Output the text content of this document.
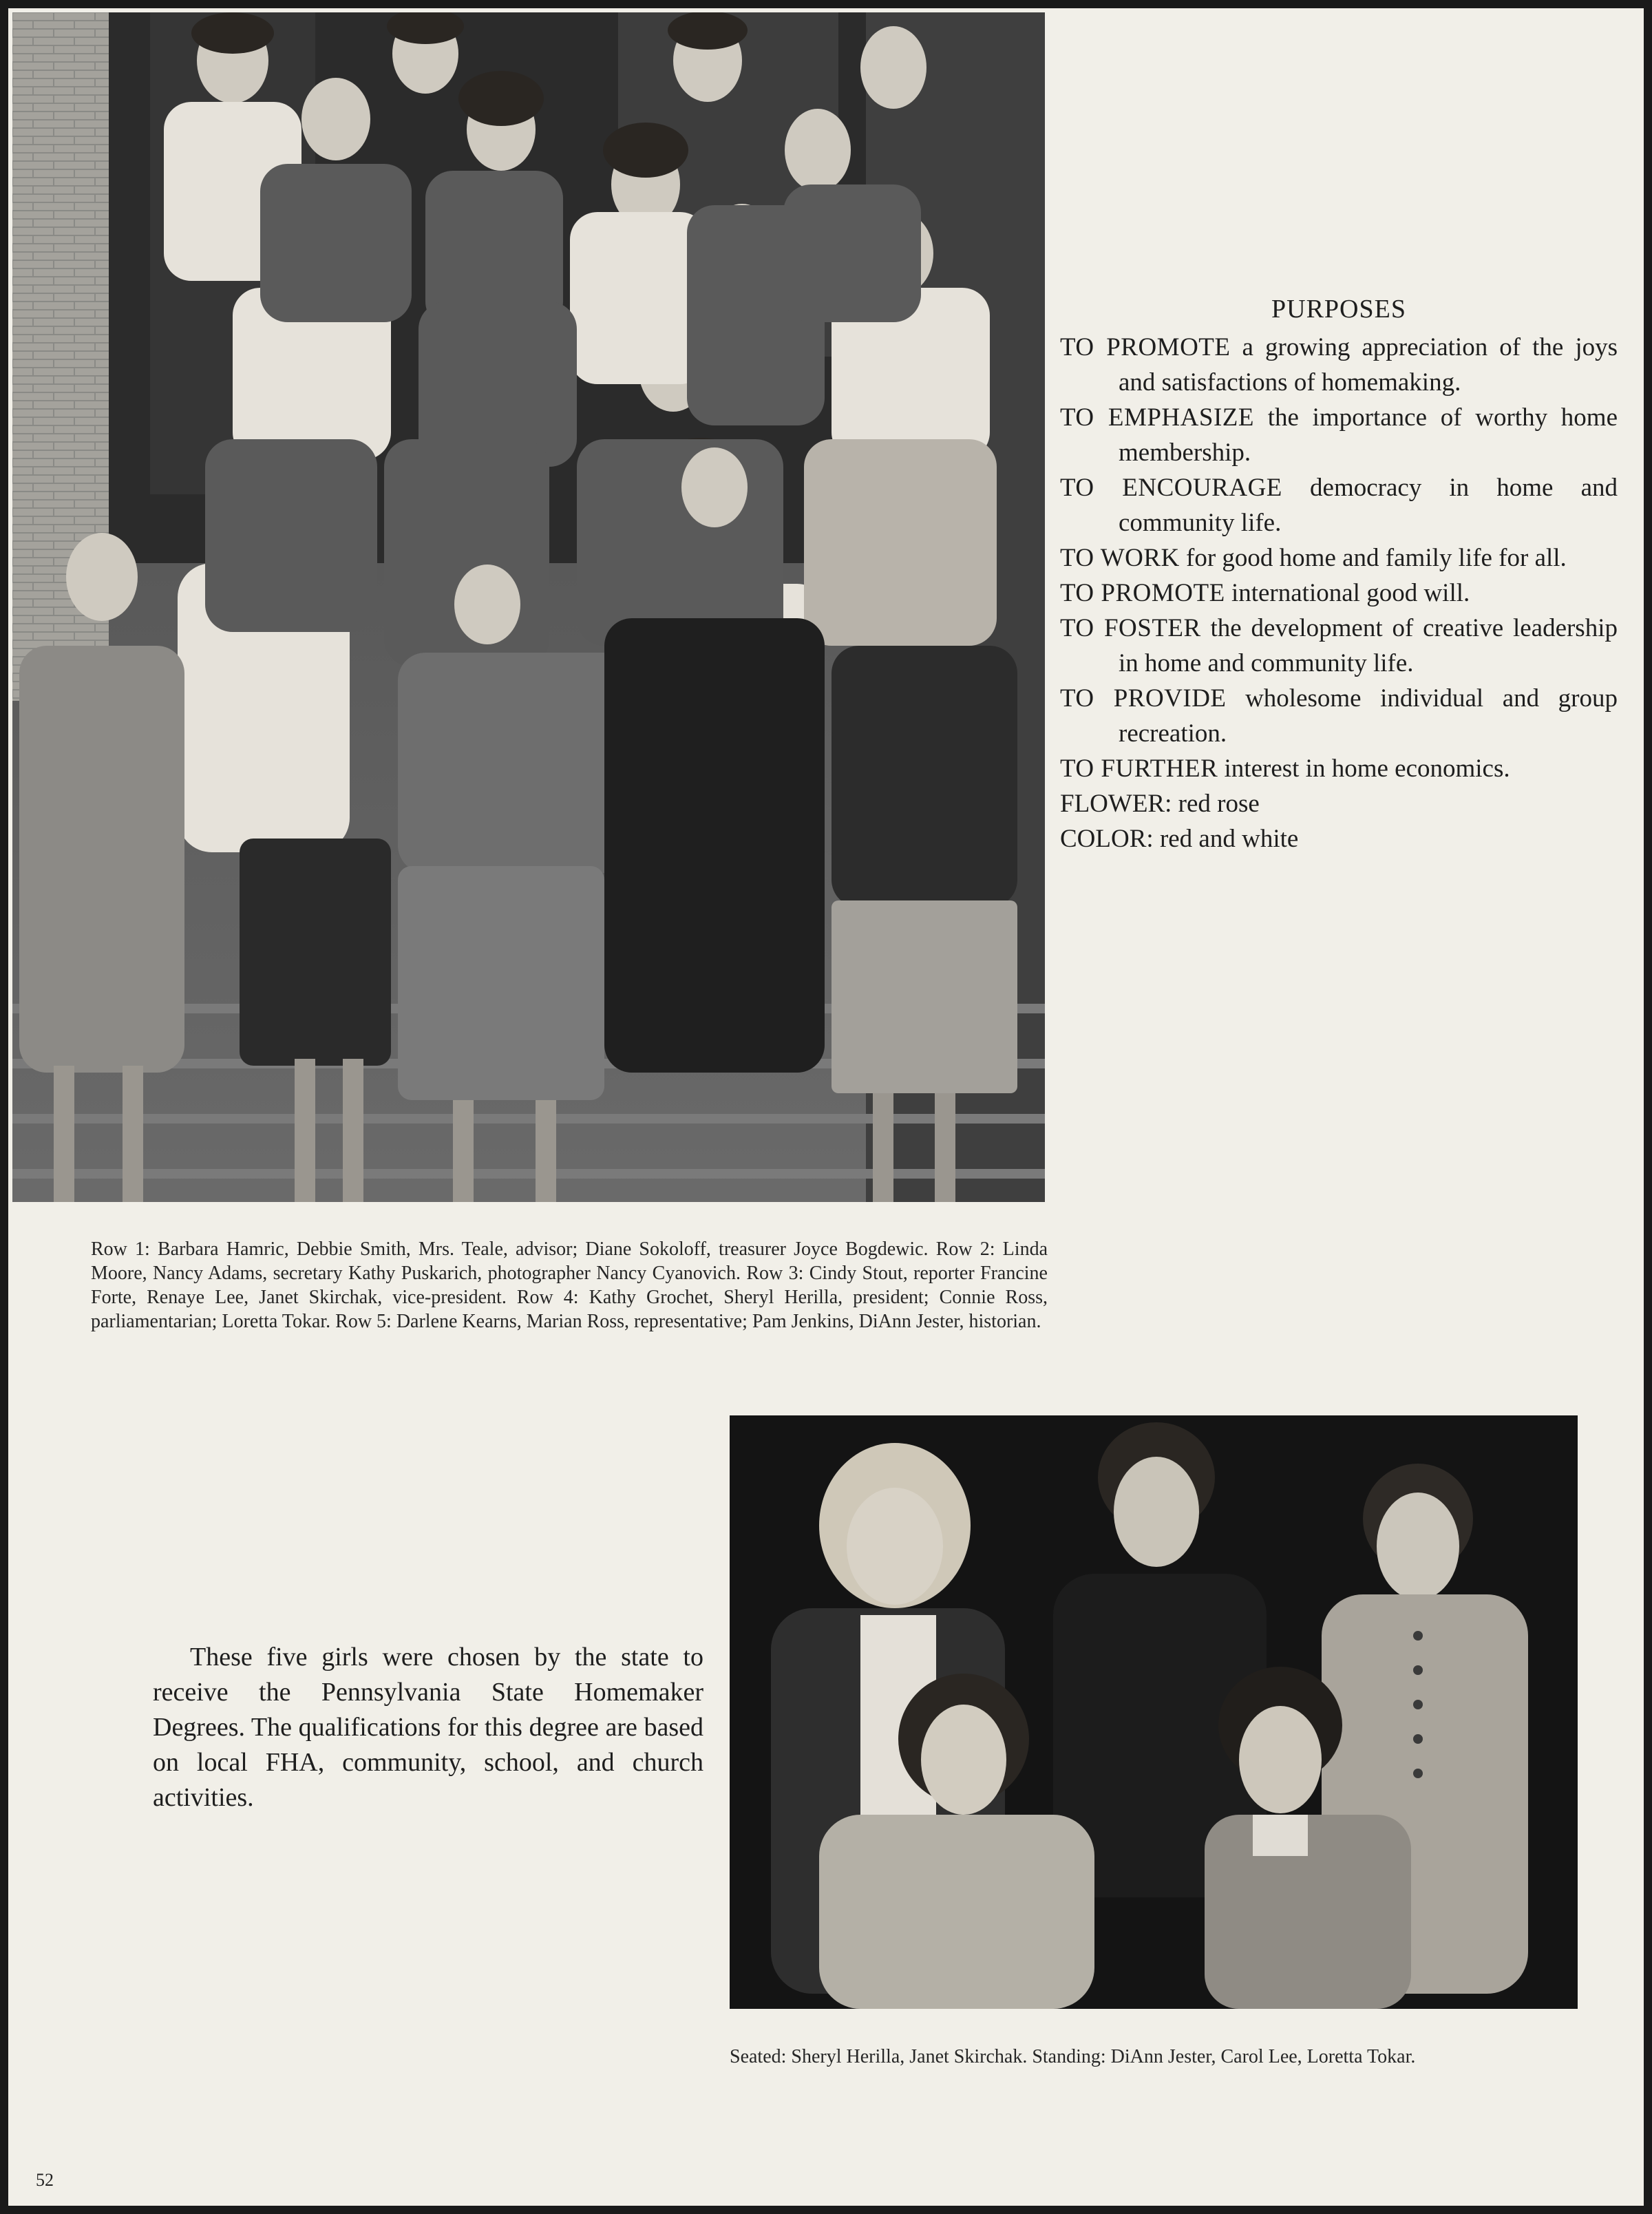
PURPOSES
TO PROMOTE a growing appreciation of the joys and satisfactions of homemaking.
TO EMPHASIZE the importance of worthy home membership.
TO ENCOURAGE democracy in home and community life.
TO WORK for good home and family life for all.
TO PROMOTE international good will.
TO FOSTER the development of creative leadership in home and community life.
TO PROVIDE wholesome individual and group recreation.
TO FURTHER interest in home economics.
FLOWER: red rose
COLOR: red and white
Row 1: Barbara Hamric, Debbie Smith, Mrs. Teale, advisor; Diane Sokoloff, treasurer Joyce Bogdewic. Row 2: Linda Moore, Nancy Adams, secretary Kathy Puskarich, photographer Nancy Cyanovich. Row 3: Cindy Stout, reporter Francine Forte, Renaye Lee, Janet Skirchak, vice-president. Row 4: Kathy Grochet, Sheryl Herilla, president; Connie Ross, parliamentarian; Loretta Tokar. Row 5: Darlene Kearns, Marian Ross, representative; Pam Jenkins, DiAnn Jester, historian.
These five girls were chosen by the state to receive the Pennsylvania State Homemaker Degrees. The qualifications for this degree are based on local FHA, community, school, and church activities.
Seated: Sheryl Herilla, Janet Skirchak. Standing: DiAnn Jester, Carol Lee, Loretta Tokar.
52
